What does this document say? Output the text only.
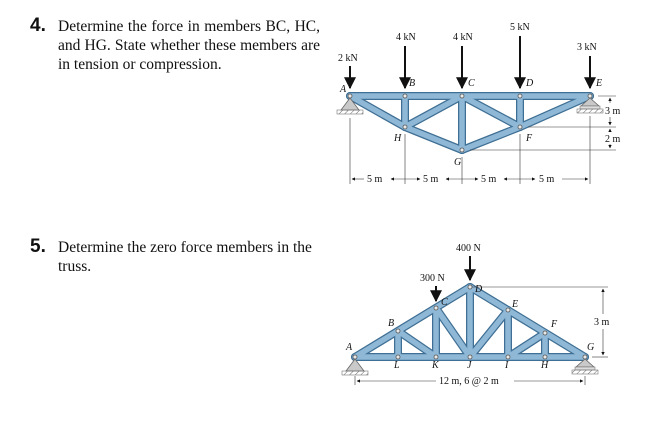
4. Determine the force in members BC, HC, and HG. State whether these members are in tension or compression.
5. Determine the zero force members in the truss.
2 kN
4 kN	4 kN
5 kN
3 kN
A
B	C	D	E
F
G
H
5 m	5 m	5 m	5 m
3 m
2 m
300 N
400 N
A
B
C
D
E
F
G
H
I
J
K
L
12 m, 6 @ 2 m
3 m
